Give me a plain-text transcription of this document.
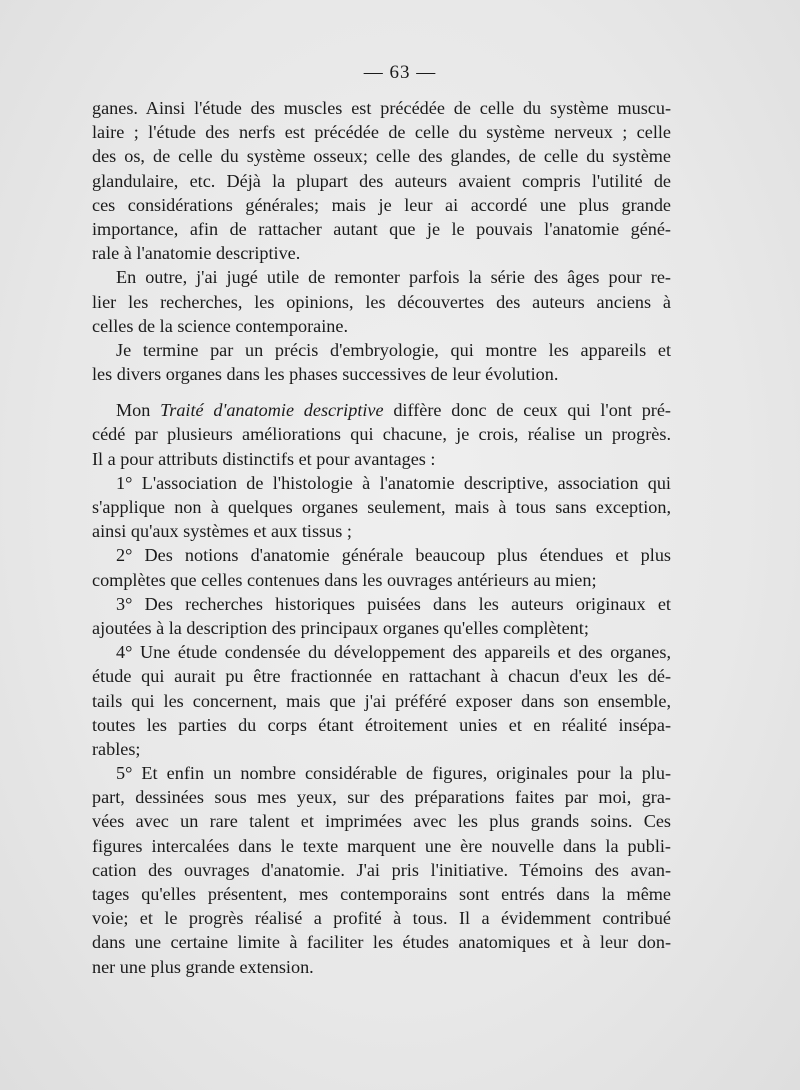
— 63 —
ganes. Ainsi l'étude des muscles est précédée de celle du système muscu-
laire ; l'étude des nerfs est précédée de celle du système nerveux ; celle
des os, de celle du système osseux; celle des glandes, de celle du système
glandulaire, etc. Déjà la plupart des auteurs avaient compris l'utilité de
ces considérations générales; mais je leur ai accordé une plus grande
importance, afin de rattacher autant que je le pouvais l'anatomie géné-
rale à l'anatomie descriptive.
En outre, j'ai jugé utile de remonter parfois la série des âges pour re-
lier les recherches, les opinions, les découvertes des auteurs anciens à
celles de la science contemporaine.
Je termine par un précis d'embryologie, qui montre les appareils et
les divers organes dans les phases successives de leur évolution.
Mon Traité d'anatomie descriptive diffère donc de ceux qui l'ont pré-
cédé par plusieurs améliorations qui chacune, je crois, réalise un progrès.
Il a pour attributs distinctifs et pour avantages :
1° L'association de l'histologie à l'anatomie descriptive, association qui
s'applique non à quelques organes seulement, mais à tous sans exception,
ainsi qu'aux systèmes et aux tissus ;
2° Des notions d'anatomie générale beaucoup plus étendues et plus
complètes que celles contenues dans les ouvrages antérieurs au mien;
3° Des recherches historiques puisées dans les auteurs originaux et
ajoutées à la description des principaux organes qu'elles complètent;
4° Une étude condensée du développement des appareils et des organes,
étude qui aurait pu être fractionnée en rattachant à chacun d'eux les dé-
tails qui les concernent, mais que j'ai préféré exposer dans son ensemble,
toutes les parties du corps étant étroitement unies et en réalité insépa-
rables;
5° Et enfin un nombre considérable de figures, originales pour la plu-
part, dessinées sous mes yeux, sur des préparations faites par moi, gra-
vées avec un rare talent et imprimées avec les plus grands soins. Ces
figures intercalées dans le texte marquent une ère nouvelle dans la publi-
cation des ouvrages d'anatomie. J'ai pris l'initiative. Témoins des avan-
tages qu'elles présentent, mes contemporains sont entrés dans la même
voie; et le progrès réalisé a profité à tous. Il a évidemment contribué
dans une certaine limite à faciliter les études anatomiques et à leur don-
ner une plus grande extension.
